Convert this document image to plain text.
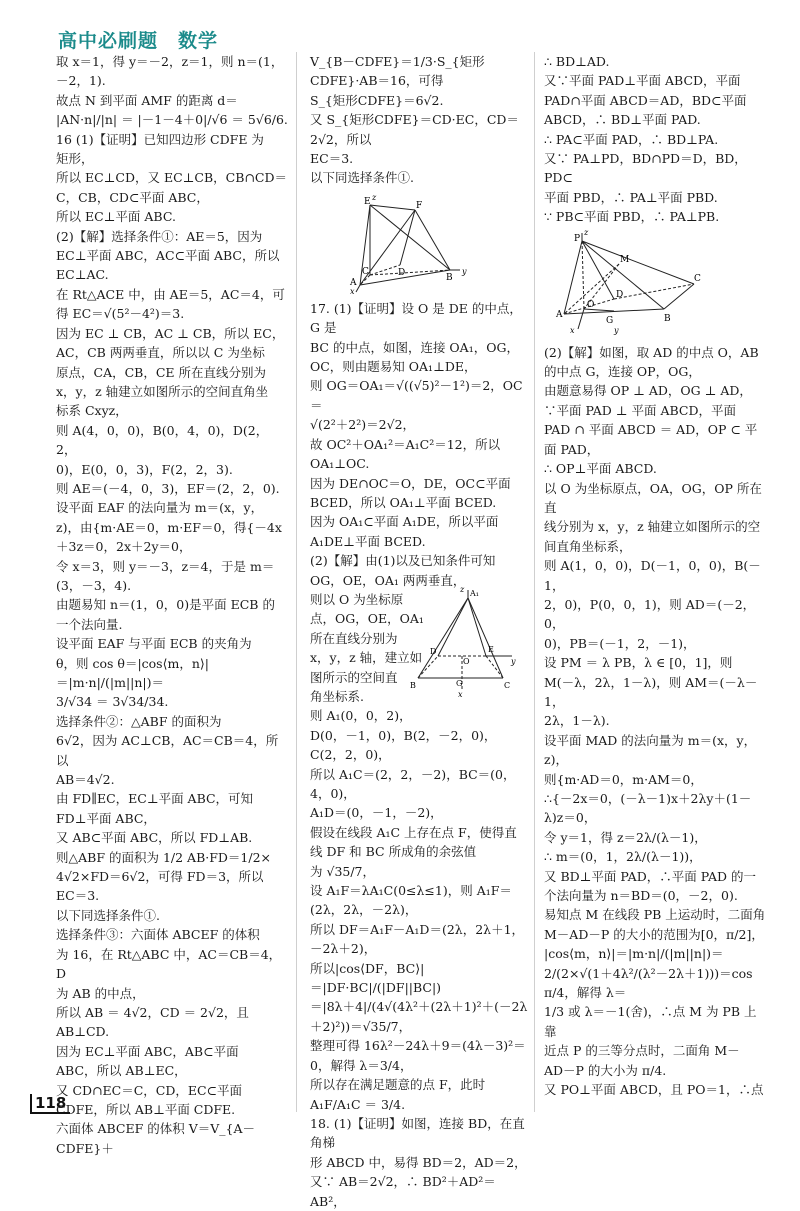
高中必刷题　数学

取 x＝1，得 y＝－2，z＝1，则 n＝(1，

－2，1).

故点 N 到平面 AMF 的距离 d＝

|AN·n|/|n| ＝ |－1－4＋0|/√6 ＝ 5√6/6.

16 (1)【证明】已知四边形 CDFE 为

矩形，

所以 EC⊥CD，又 EC⊥CB，CB∩CD＝

C，CB，CD⊂平面 ABC，

所以 EC⊥平面 ABC.

(2)【解】选择条件①：AE＝5，因为

EC⊥平面 ABC，AC⊂平面 ABC，所以

EC⊥AC.

在 Rt△ACE 中，由 AE＝5，AC＝4，可

得 EC＝√(5²－4²)＝3.

因为 EC ⊥ CB，AC ⊥ CB，所以 EC，

AC，CB 两两垂直，所以以 C 为坐标

原点，CA，CB，CE 所在直线分别为

x，y，z 轴建立如图所示的空间直角坐

标系 Cxyz，

则 A(4，0，0)，B(0，4，0)，D(2，2，

0)，E(0，0，3)，F(2，2，3).

则 AE＝(－4，0，3)，EF＝(2，2，0).

设平面 EAF 的法向量为 m＝(x，y，

z)，由{m·AE＝0，m·EF＝0，得{－4x＋3z＝0，2x＋2y＝0，

令 x＝3，则 y＝－3，z＝4，于是 m＝

(3，－3，4).

由题易知 n＝(1，0，0)是平面 ECB 的

一个法向量.

设平面 EAF 与平面 ECB 的夹角为

θ，则 cos θ＝|cos⟨m，n⟩|＝|m·n|/(|m||n|)＝

3/√34 ＝ 3√34/34.

选择条件②：△ABF 的面积为

6√2，因为 AC⊥CB，AC＝CB＝4，所以

AB＝4√2.

由 FD∥EC，EC⊥平面 ABC，可知

FD⊥平面 ABC，

又 AB⊂平面 ABC，所以 FD⊥AB.

则△ABF 的面积为 1/2 AB·FD＝1/2×

4√2×FD＝6√2，可得 FD＝3，所以

EC＝3.

以下同选择条件①.

选择条件③：六面体 ABCEF 的体积

为 16，在 Rt△ABC 中，AC＝CB＝4，D

为 AB 的中点，

所以 AB ＝ 4√2，CD ＝ 2√2，且

AB⊥CD.

因为 EC⊥平面 ABC，AB⊂平面

ABC，所以 AB⊥EC，

又 CD∩EC＝C，CD，EC⊂平面

CDFE，所以 AB⊥平面 CDFE.

六面体 ABCEF 的体积 V＝V_{A－CDFE}＋

V_{B－CDFE}＝1/3·S_{矩形CDFE}·AB＝16，可得

S_{矩形CDFE}＝6√2.

又 S_{矩形CDFE}＝CD·EC，CD＝2√2，所以

EC＝3.

以下同选择条件①.

E	F
C	D
A	B
x
y
z

17. (1)【证明】设 O 是 DE 的中点，G 是

BC 的中点，如图，连接 OA₁，OG，

OC，则由题易知 OA₁⊥DE，

则 OG＝OA₁＝√((√5)²－1²)＝2，OC＝

√(2²＋2²)＝2√2，

故 OC²＋OA₁²＝A₁C²＝12，所以

OA₁⊥OC.

因为 DE∩OC＝O，DE，OC⊂平面

BCED，所以 OA₁⊥平面 BCED.

因为 OA₁⊂平面 A₁DE，所以平面

A₁DE⊥平面 BCED.

(2)【解】由(1)以及已知条件可知

OG，OE，OA₁ 两两垂直，

则以 O 为坐标原

点，OG，OE，OA₁

所在直线分别为

x，y，z 轴，建立如

图所示的空间直

角坐标系.

则 A₁(0，0，2)，

A₁
z
E
O
D
B	G	C
x
y

D(0，－1，0)，B(2，－2，0)，C(2，2，0)，

所以 A₁C＝(2，2，－2)，BC＝(0，4，0)，

A₁D＝(0，－1，－2)，

假设在线段 A₁C 上存在点 F，使得直

线 DF 和 BC 所成角的余弦值

为 √35/7，

设 A₁F＝λA₁C(0≤λ≤1)，则 A₁F＝

(2λ，2λ，－2λ)，

所以 DF＝A₁F－A₁D＝(2λ，2λ＋1，－2λ＋2)，

所以|cos⟨DF，BC⟩|＝|DF·BC|/(|DF||BC|)

＝|8λ＋4|/(4√(4λ²＋(2λ＋1)²＋(－2λ＋2)²))＝√35/7，

整理可得 16λ²－24λ＋9＝(4λ－3)²＝

0，解得 λ＝3/4，

所以存在满足题意的点 F，此时

A₁F/A₁C ＝ 3/4.

18. (1)【证明】如图，连接 BD，在直角梯

形 ABCD 中，易得 BD＝2，AD＝2，

又∵ AB＝2√2，∴ BD²＋AD²＝AB²，

∴ BD⊥AD.

又∵平面 PAD⊥平面 ABCD，平面

PAD∩平面 ABCD＝AD，BD⊂平面

ABCD，∴ BD⊥平面 PAD.

∴ PA⊂平面 PAD，∴ BD⊥PA.

又∵ PA⊥PD，BD∩PD＝D，BD，PD⊂

平面 PBD，∴ PA⊥平面 PBD.

∵ PB⊂平面 PBD，∴ PA⊥PB.

P
M
C
D
B
O
A
G
x	y
z

(2)【解】如图，取 AD 的中点 O，AB

的中点 G，连接 OP，OG，

由题意易得 OP ⊥ AD，OG ⊥ AD，

∵平面 PAD ⊥ 平面 ABCD，平面

PAD ∩ 平面 ABCD ＝ AD，OP ⊂ 平

面 PAD，

∴ OP⊥平面 ABCD.

以 O 为坐标原点，OA，OG，OP 所在直

线分别为 x，y，z 轴建立如图所示的空

间直角坐标系，

则 A(1，0，0)，D(－1，0，0)，B(－1，

2，0)，P(0，0，1)，则 AD＝(－2，0，

0)，PB＝(－1，2，－1)，

设 PM ＝ λ PB，λ ∈ [0，1]，则

M(－λ，2λ，1－λ)，则 AM＝(－λ－1，

2λ，1－λ).

设平面 MAD 的法向量为 m＝(x，y，z)，

则{m·AD＝0，m·AM＝0，

∴{－2x＝0，(－λ－1)x＋2λy＋(1－λ)z＝0，

令 y＝1，得 z＝2λ/(λ－1)，

∴ m＝(0，1，2λ/(λ－1))，

又 BD⊥平面 PAD，∴平面 PAD 的一

个法向量为 n＝BD＝(0，－2，0).

易知点 M 在线段 PB 上运动时，二面角

M－AD－P 的大小的范围为[0，π/2]，

|cos⟨m，n⟩|＝|m·n|/(|m||n|)＝

2/(2×√(1＋4λ²/(λ²－2λ＋1)))＝cos π/4，解得 λ＝

1/3 或 λ＝－1(舍)，∴点 M 为 PB 上靠

近点 P 的三等分点时，二面角 M－

AD－P 的大小为 π/4.

又 PO⊥平面 ABCD，且 PO＝1，∴点

118
